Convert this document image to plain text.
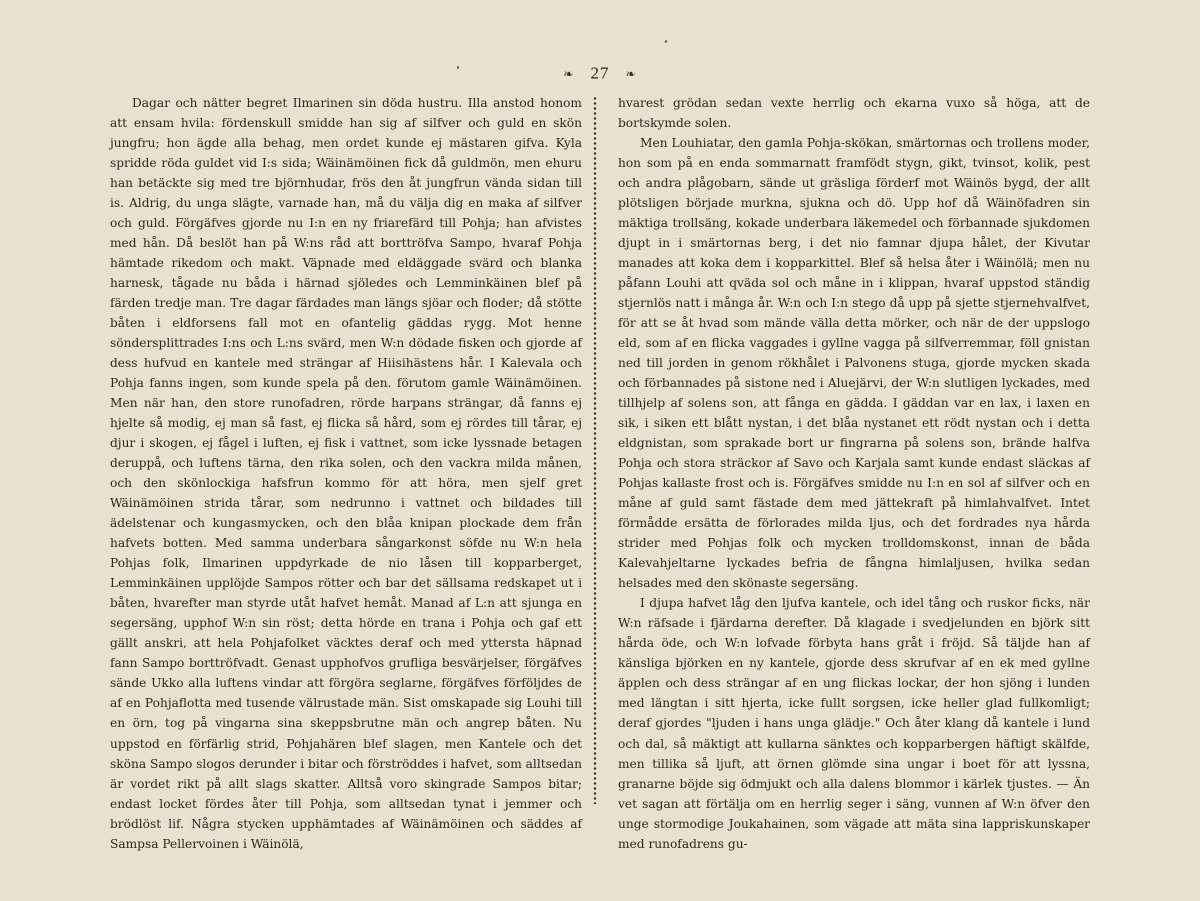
❧ 27 ❧

Dagar och nätter begret Ilmarinen sin döda hustru. Illa anstod honom att ensam hvila: fördenskull smidde han sig af silfver och guld en skön jungfru; hon ägde alla behag, men ordet kunde ej mästaren gifva. Kyla spridde röda guldet vid I:s sida; Wäinämöinen fick då guldmön, men ehuru han betäckte sig med tre björnhudar, frös den åt jungfrun vända sidan till is. Aldrig, du unga slägte, varnade han, må du välja dig en maka af silfver och guld. Förgäfves gjorde nu I:n en ny friarefärd till Pohja; han afvistes med hån. Då beslöt han på W:ns råd att borttröfva Sampo, hvaraf Pohja hämtade rikedom och makt. Väpnade med eldäggade svärd och blanka harnesk, tågade nu båda i härnad sjöledes och Lemminkäinen blef på färden tredje man. Tre dagar färdades man längs sjöar och floder; då stötte båten i eldforsens fall mot en ofantelig gäddas rygg. Mot henne söndersplittrades I:ns och L:ns svärd, men W:n dödade fisken och gjorde af dess hufvud en kantele med strängar af Hiisihästens hår. I Kalevala och Pohja fanns ingen, som kunde spela på den. förutom gamle Wäinämöinen. Men när han, den store runofadren, rörde harpans strängar, då fanns ej hjelte så modig, ej man så fast, ej flicka så hård, som ej rördes till tårar, ej djur i skogen, ej fågel i luften, ej fisk i vattnet, som icke lyssnade betagen deruppå, och luftens tärna, den rika solen, och den vackra milda månen, och den skönlockiga hafsfrun kommo för att höra, men sjelf gret Wäinämöinen strida tårar, som nedrunno i vattnet och bildades till ädelstenar och kungasmycken, och den blåa knipan plockade dem från hafvets botten. Med samma underbara sångarkonst söfde nu W:n hela Pohjas folk, Ilmarinen uppdyrkade de nio låsen till kopparberget, Lemminkäinen upplöjde Sampos rötter och bar det sällsama redskapet ut i båten, hvarefter man styrde utåt hafvet hemåt. Manad af L:n att sjunga en segersäng, upphof W:n sin röst; detta hörde en trana i Pohja och gaf ett gällt anskri, att hela Pohjafolket väcktes deraf och med yttersta häpnad fann Sampo borttröfvadt. Genast upphofvos grufliga besvärjelser, förgäfves sände Ukko alla luftens vindar att förgöra seglarne, förgäfves förföljdes de af en Pohjaflotta med tusende välrustade män. Sist omskapade sig Louhi till en örn, tog på vingarna sina skeppsbrutne män och angrep båten. Nu uppstod en förfärlig strid, Pohjahären blef slagen, men Kantele och det sköna Sampo slogos derunder i bitar och förströddes i hafvet, som alltsedan är vordet rikt på allt slags skatter. Alltså voro skingrade Sampos bitar; endast locket fördes åter till Pohja, som alltsedan tynat i jemmer och brödlöst lif. Några stycken upphämtades af Wäinämöinen och säddes af Sampsa Pellervoinen i Wäinölä,

hvarest grödan sedan vexte herrlig och ekarna vuxo så höga, att de bortskymde solen.

Men Louhiatar, den gamla Pohja-skökan, smärtornas och trollens moder, hon som på en enda sommarnatt framfödt stygn, gikt, tvinsot, kolik, pest och andra plågobarn, sände ut gräsliga förderf mot Wäinös bygd, der allt plötsligen började murkna, sjukna och dö. Upp hof då Wäinöfadren sin mäktiga trollsäng, kokade underbara läkemedel och förbannade sjukdomen djupt in i smärtornas berg, i det nio famnar djupa hålet, der Kivutar manades att koka dem i kopparkittel. Blef så helsa åter i Wäinölä; men nu påfann Louhi att qväda sol och måne in i klippan, hvaraf uppstod ständig stjernlös natt i många år. W:n och I:n stego då upp på sjette stjernehvalfvet, för att se åt hvad som mände välla detta mörker, och när de der uppslogo eld, som af en flicka vaggades i gyllne vagga på silfverremmar, föll gnistan ned till jorden in genom rökhålet i Palvonens stuga, gjorde mycken skada och förbannades på sistone ned i Aluejärvi, der W:n slutligen lyckades, med tillhjelp af solens son, att fånga en gädda. I gäddan var en lax, i laxen en sik, i siken ett blått nystan, i det blåa nystanet ett rödt nystan och i detta eldgnistan, som sprakade bort ur fingrarna på solens son, brände halfva Pohja och stora sträckor af Savo och Karjala samt kunde endast släckas af Pohjas kallaste frost och is. Förgäfves smidde nu I:n en sol af silfver och en måne af guld samt fästade dem med jättekraft på himlahvalfvet. Intet förmådde ersätta de förlorades milda ljus, och det fordrades nya hårda strider med Pohjas folk och mycken trolldomskonst, innan de båda Kalevahjeltarne lyckades befria de fångna himlaljusen, hvilka sedan helsades med den skönaste segersäng.

I djupa hafvet låg den ljufva kantele, och idel tång och ruskor ficks, när W:n räfsade i fjärdarna derefter. Då klagade i svedjelunden en björk sitt hårda öde, och W:n lofvade förbyta hans gråt i fröjd. Så täljde han af känsliga björken en ny kantele, gjorde dess skrufvar af en ek med gyllne äpplen och dess strängar af en ung flickas lockar, der hon sjöng i lunden med längtan i sitt hjerta, icke fullt sorgsen, icke heller glad fullkomligt; deraf gjordes "ljuden i hans unga glädje." Och åter klang då kantele i lund och dal, så mäktigt att kullarna sänktes och kopparbergen häftigt skälfde, men tillika så ljuft, att örnen glömde sina ungar i boet för att lyssna, granarne böjde sig ödmjukt och alla dalens blommor i kärlek tjustes. — Än vet sagan att förtälja om en herrlig seger i säng, vunnen af W:n öfver den unge stormodige Joukahainen, som vägade att mäta sina lappriskunskaper med runofadrens gu-
